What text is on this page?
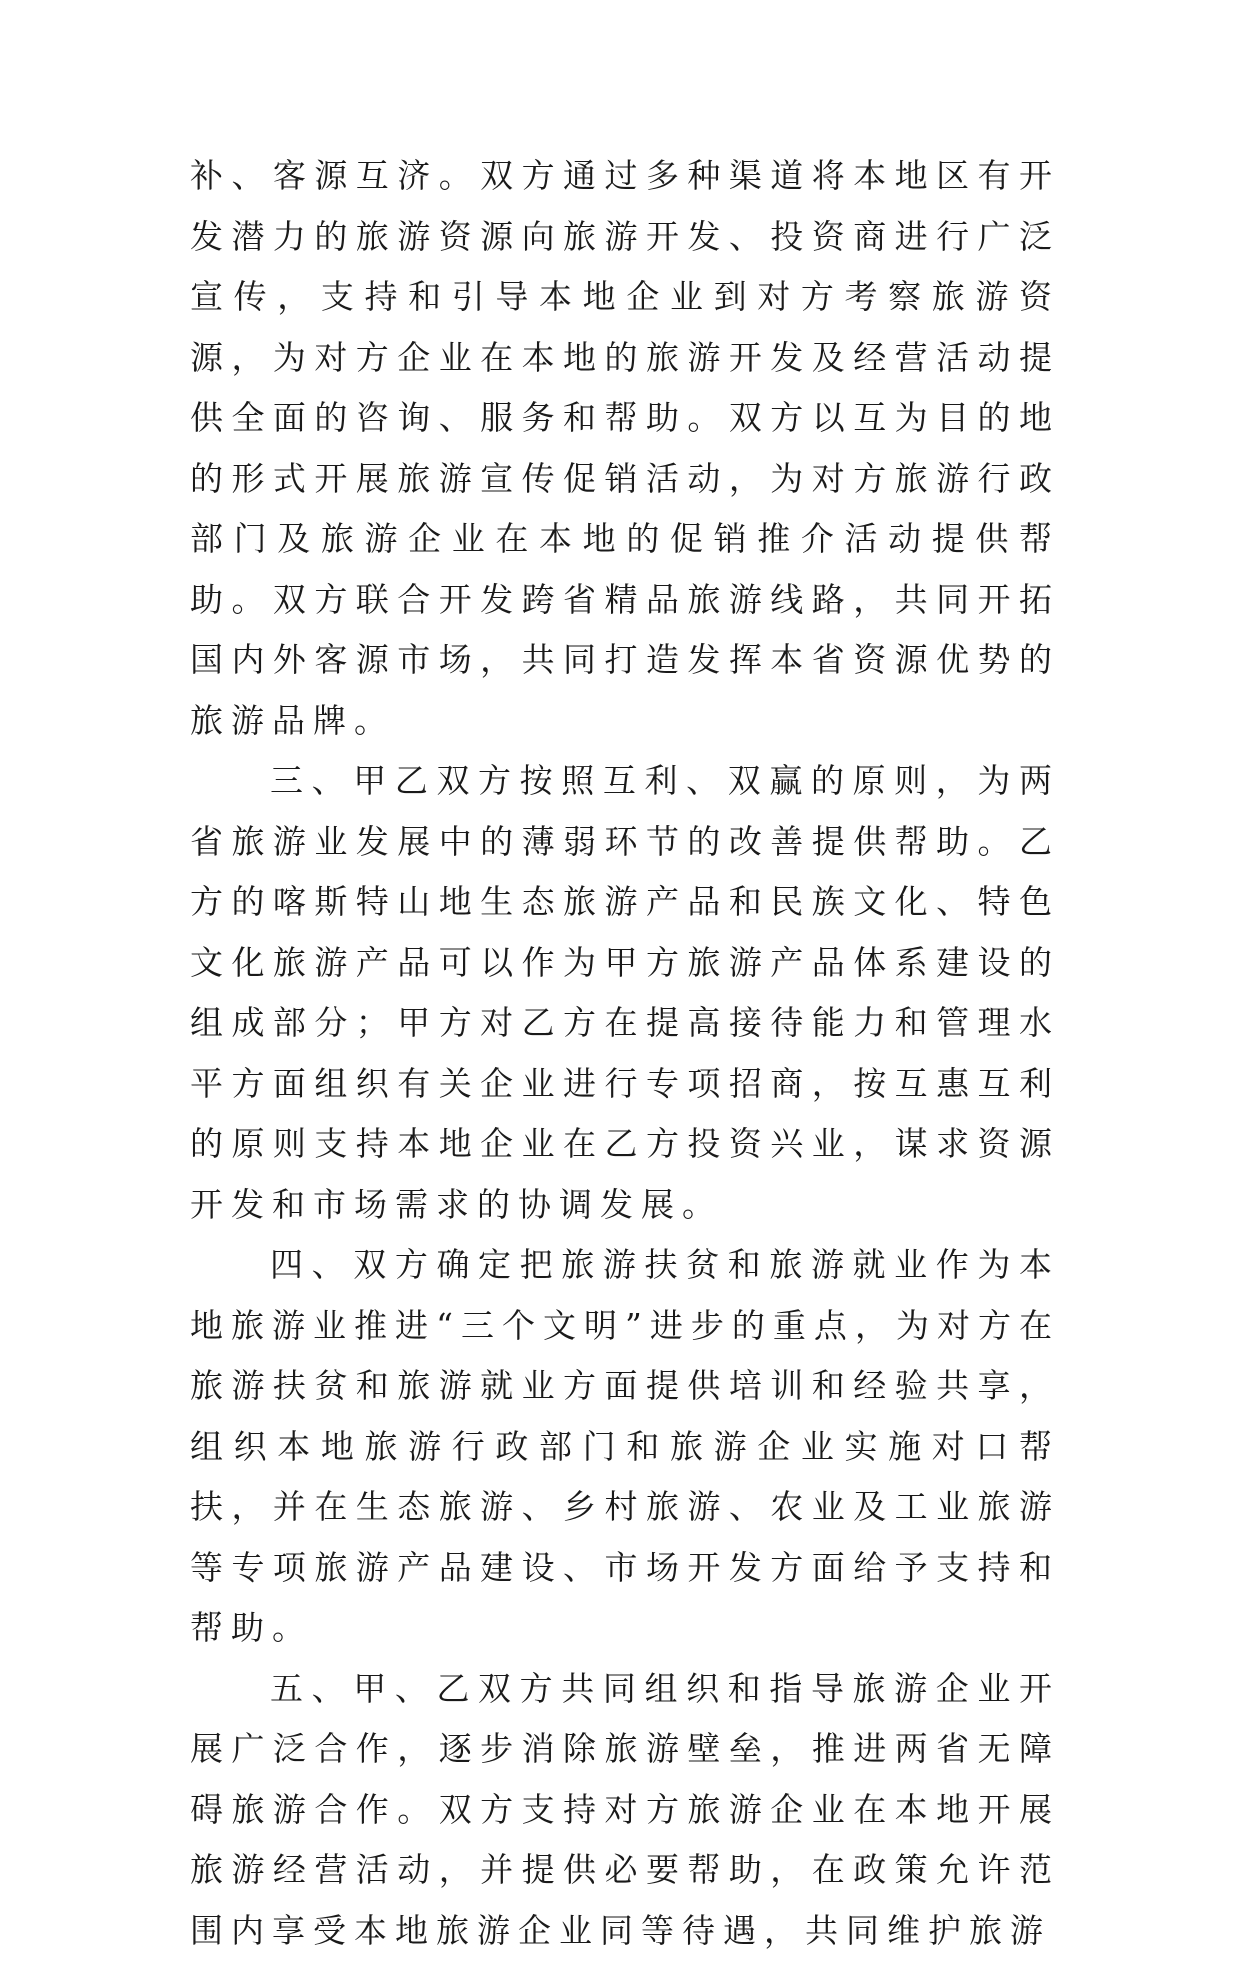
补、客源互济。双方通过多种渠道将本地区有开发潜力的旅游资源向旅游开发、投资商进行广泛宣传，支持和引导本地企业到对方考察旅游资源，为对方企业在本地的旅游开发及经营活动提供全面的咨询、服务和帮助。双方以互为目的地的形式开展旅游宣传促销活动，为对方旅游行政部门及旅游企业在本地的促销推介活动提供帮助。双方联合开发跨省精品旅游线路，共同开拓国内外客源市场，共同打造发挥本省资源优势的旅游品牌。

三、甲乙双方按照互利、双赢的原则，为两省旅游业发展中的薄弱环节的改善提供帮助。乙方的喀斯特山地生态旅游产品和民族文化、特色文化旅游产品可以作为甲方旅游产品体系建设的组成部分；甲方对乙方在提高接待能力和管理水平方面组织有关企业进行专项招商，按互惠互利的原则支持本地企业在乙方投资兴业，谋求资源开发和市场需求的协调发展。

四、双方确定把旅游扶贫和旅游就业作为本地旅游业推进“三个文明”进步的重点，为对方在旅游扶贫和旅游就业方面提供培训和经验共享，组织本地旅游行政部门和旅游企业实施对口帮扶，并在生态旅游、乡村旅游、农业及工业旅游等专项旅游产品建设、市场开发方面给予支持和帮助。

五、甲、乙双方共同组织和指导旅游企业开展广泛合作，逐步消除旅游壁垒，推进两省无障碍旅游合作。双方支持对方旅游企业在本地开展旅游经营活动，并提供必要帮助，在政策允许范围内享受本地旅游企业同等待遇，共同维护旅游
